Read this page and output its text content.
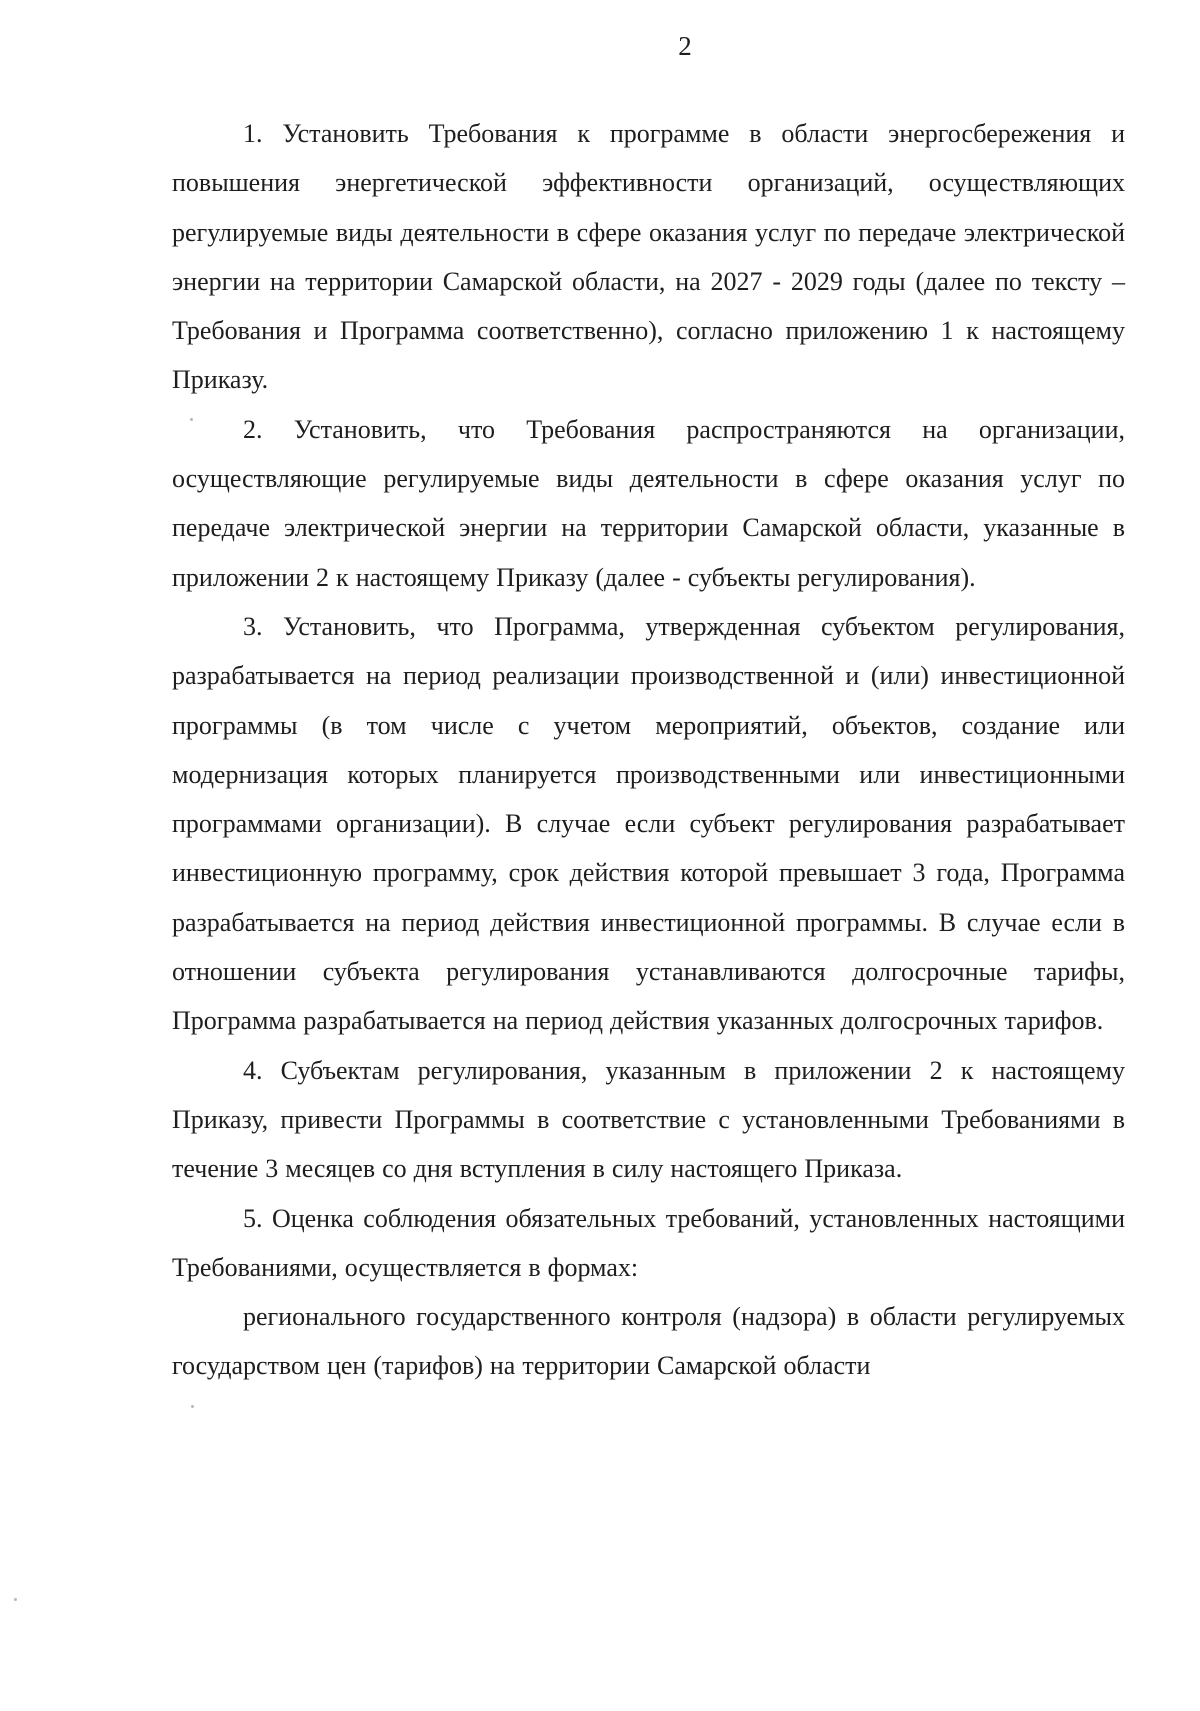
2

1. Установить Требования к программе в области энергосбережения и повышения энергетической эффективности организаций, осуществляющих регулируемые виды деятельности в сфере оказания услуг по передаче электрической энергии на территории Самарской области, на 2027 - 2029 годы (далее по тексту – Требования и Программа соответственно), согласно приложению 1 к настоящему Приказу.

2. Установить, что Требования распространяются на организации, осуществляющие регулируемые виды деятельности в сфере оказания услуг по передаче электрической энергии на территории Самарской области, указанные в приложении 2 к настоящему Приказу (далее - субъекты регулирования).

3. Установить, что Программа, утвержденная субъектом регулирования, разрабатывается на период реализации производственной и (или) инвестиционной программы (в том числе с учетом мероприятий, объектов, создание или модернизация которых планируется производственными или инвестиционными программами организации). В случае если субъект регулирования разрабатывает инвестиционную программу, срок действия которой превышает 3 года, Программа разрабатывается на период действия инвестиционной программы. В случае если в отношении субъекта регулирования устанавливаются долгосрочные тарифы, Программа разрабатывается на период действия указанных долгосрочных тарифов.

4. Субъектам регулирования, указанным в приложении 2 к настоящему Приказу, привести Программы в соответствие с установленными Требованиями в течение 3 месяцев со дня вступления в силу настоящего Приказа.

5. Оценка соблюдения обязательных требований, установленных настоящими Требованиями, осуществляется в формах:

регионального государственного контроля (надзора) в области регулируемых государством цен (тарифов) на территории Самарской области
